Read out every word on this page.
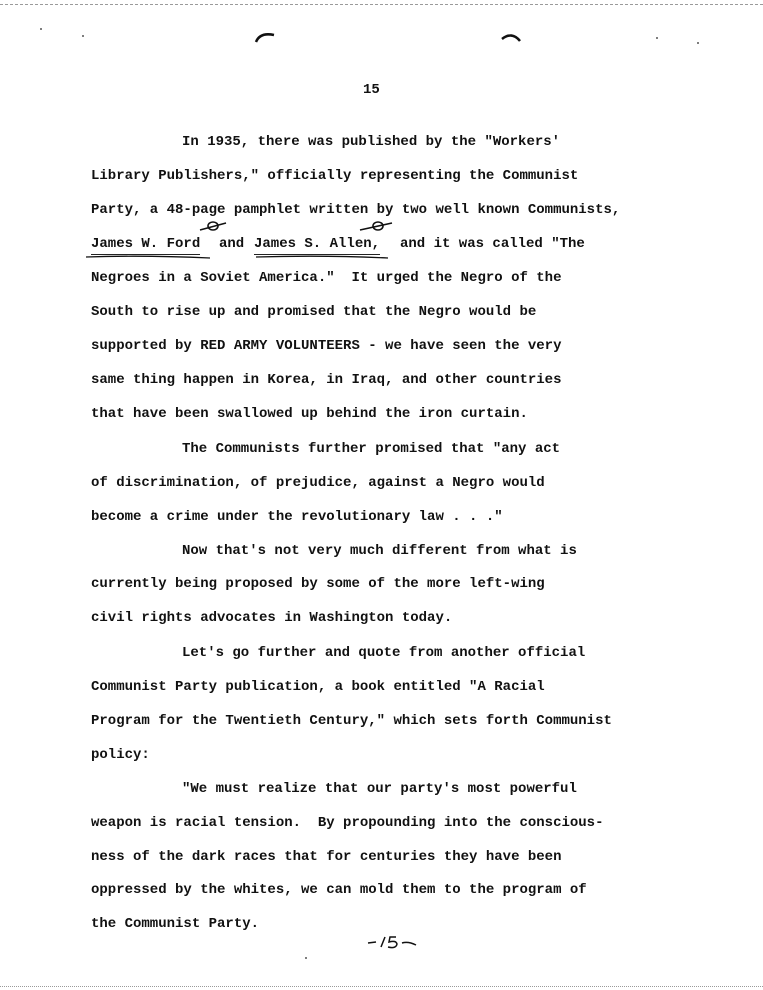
15
In 1935, there was published by the "Workers'
Library Publishers," officially representing the Communist
Party, a 48-page pamphlet written by two well known Communists,
James W. Ford and James S. Allen, and it was called "The
Negroes in a Soviet America."  It urged the Negro of the
South to rise up and promised that the Negro would be
supported by RED ARMY VOLUNTEERS - we have seen the very
same thing happen in Korea, in Iraq, and other countries
that have been swallowed up behind the iron curtain.
The Communists further promised that "any act
of discrimination, of prejudice, against a Negro would
become a crime under the revolutionary law . . ."
Now that's not very much different from what is
currently being proposed by some of the more left-wing
civil rights advocates in Washington today.
Let's go further and quote from another official
Communist Party publication, a book entitled "A Racial
Program for the Twentieth Century," which sets forth Communist
policy:
"We must realize that our party's most powerful
weapon is racial tension.  By propounding into the conscious-
ness of the dark races that for centuries they have been
oppressed by the whites, we can mold them to the program of
the Communist Party.
